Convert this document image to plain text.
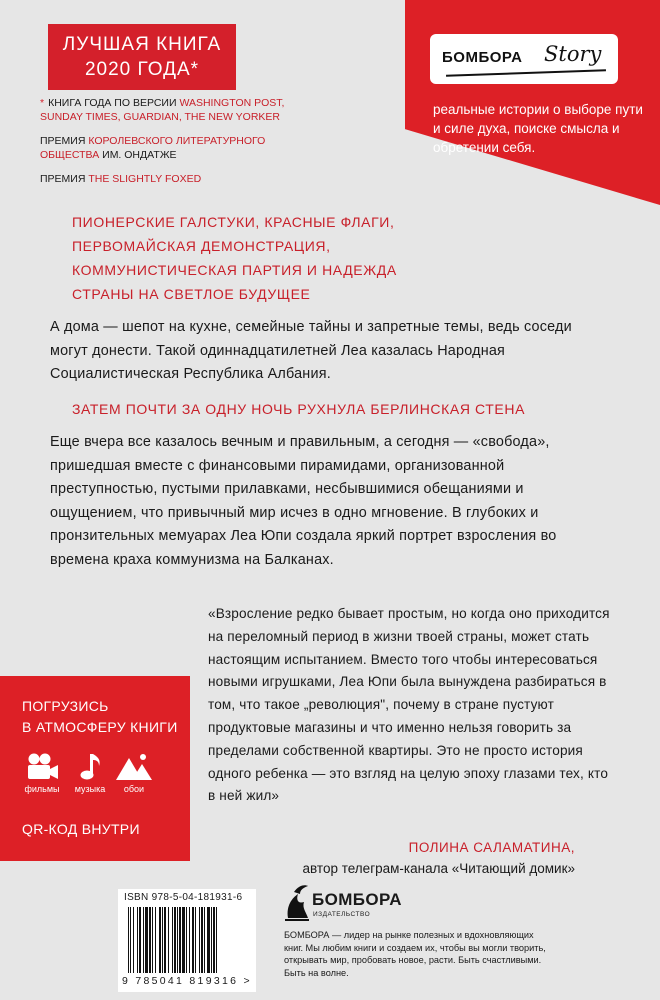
ЛУЧШАЯ КНИГА
2020 ГОДА*

* КНИГА ГОДА ПО ВЕРСИИ WASHINGTON POST, SUNDAY TIMES, GUARDIAN, THE NEW YORKER

ПРЕМИЯ КОРОЛЕВСКОГО ЛИТЕРАТУРНОГО ОБЩЕСТВА ИМ. ОНДАТЖЕ

ПРЕМИЯ THE SLIGHTLY FOXED

БОМБОРА Story
реальные истории о выборе пути и силе духа, поиске смысла и обретении себя.
ПИОНЕРСКИЕ ГАЛСТУКИ, КРАСНЫЕ ФЛАГИ, ПЕРВОМАЙСКАЯ ДЕМОНСТРАЦИЯ, КОММУНИСТИЧЕСКАЯ ПАРТИЯ И НАДЕЖДА СТРАНЫ НА СВЕТЛОЕ БУДУЩЕЕ
А дома — шепот на кухне, семейные тайны и запретные темы, ведь соседи могут донести. Такой одиннадцатилетней Леа казалась Народная Социалистическая Республика Албания.
ЗАТЕМ ПОЧТИ ЗА ОДНУ НОЧЬ РУХНУЛА БЕРЛИНСКАЯ СТЕНА
Еще вчера все казалось вечным и правильным, а сегодня — «свобода», пришедшая вместе с финансовыми пирамидами, организованной преступностью, пустыми прилавками, несбывшимися обещаниями и ощущением, что привычный мир исчез в одно мгновение. В глубоких и пронзительных мемуарах Леа Юпи создала яркий портрет взросления во времена краха коммунизма на Балканах.
«Взросление редко бывает простым, но когда оно приходится на переломный период в жизни твоей страны, может стать настоящим испытанием. Вместо того чтобы интересоваться новыми игрушками, Леа Юпи была вынуждена разбираться в том, что такое „революция", почему в стране пустуют продуктовые магазины и что именно нельзя говорить за пределами собственной квартиры. Это не просто история одного ребенка — это взгляд на целую эпоху глазами тех, кто в ней жил»
ПОЛИНА САЛАМАТИНА,
автор телеграм-канала «Читающий домик»
ПОГРУЗИСЬ
В АТМОСФЕРУ КНИГИ
фильмы	музыка	обои
QR-КОД ВНУТРИ
ISBN 978-5-04-181931-6
9 785041 819316 >
БОМБОРА
ИЗДАТЕЛЬСТВО
БОМБОРА — лидер на рынке полезных и вдохновляющих книг. Мы любим книги и создаем их, чтобы вы могли творить, открывать мир, пробовать новое, расти. Быть счастливыми. Быть на волне.
